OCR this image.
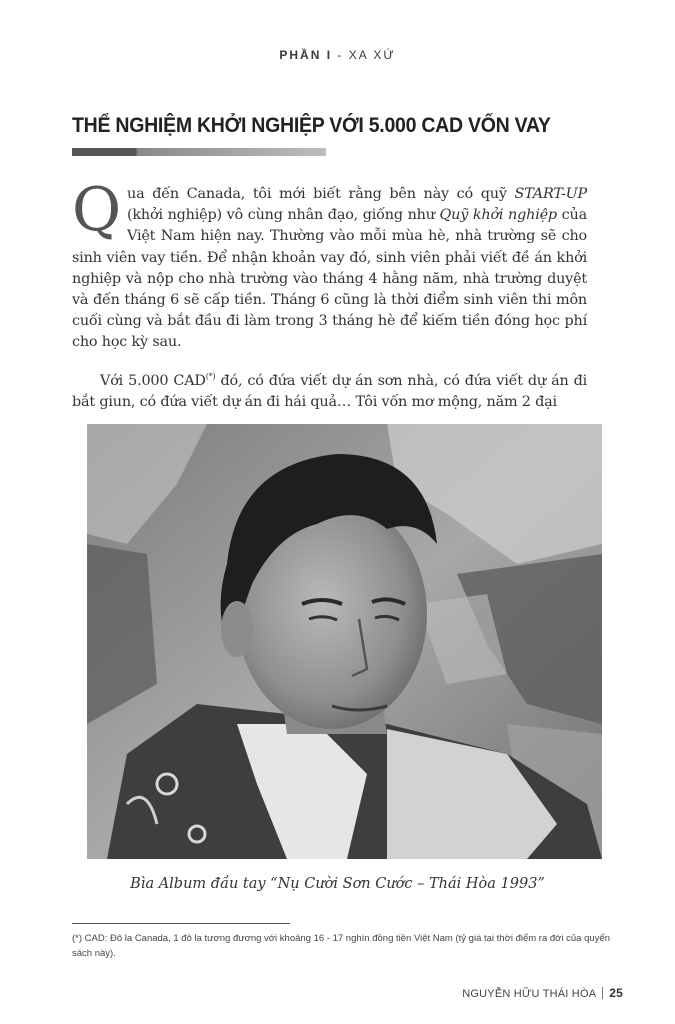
PHẦN I - XA XỨ
THỂ NGHIỆM KHỞI NGHIỆP VỚI 5.000 CAD VỐN VAY

Qua đến Canada, tôi mới biết rằng bên này có quỹ START-UP (khởi nghiệp) vô cùng nhân đạo, giống như Quỹ khởi nghiệp của Việt Nam hiện nay. Thường vào mỗi mùa hè, nhà trường sẽ cho sinh viên vay tiền. Để nhận khoản vay đó, sinh viên phải viết đề án khởi nghiệp và nộp cho nhà trường vào tháng 4 hằng năm, nhà trường duyệt và đến tháng 6 sẽ cấp tiền. Tháng 6 cũng là thời điểm sinh viên thi môn cuối cùng và bắt đầu đi làm trong 3 tháng hè để kiếm tiền đóng học phí cho học kỳ sau.

Với 5.000 CAD(*) đó, có đứa viết dự án sơn nhà, có đứa viết dự án đi bắt giun, có đứa viết dự án đi hái quả… Tôi vốn mơ mộng, năm 2 đại

Bìa Album đầu tay “Nụ Cười Sơn Cước – Thái Hòa 1993”
(*) CAD: Đô la Canada, 1 đô la tương đương với khoảng 16 - 17 nghìn đồng tiền Việt Nam (tỷ giá tại thời điểm ra đời của quyển sách này).
NGUYỄN HỮU THÁI HÒA 25
